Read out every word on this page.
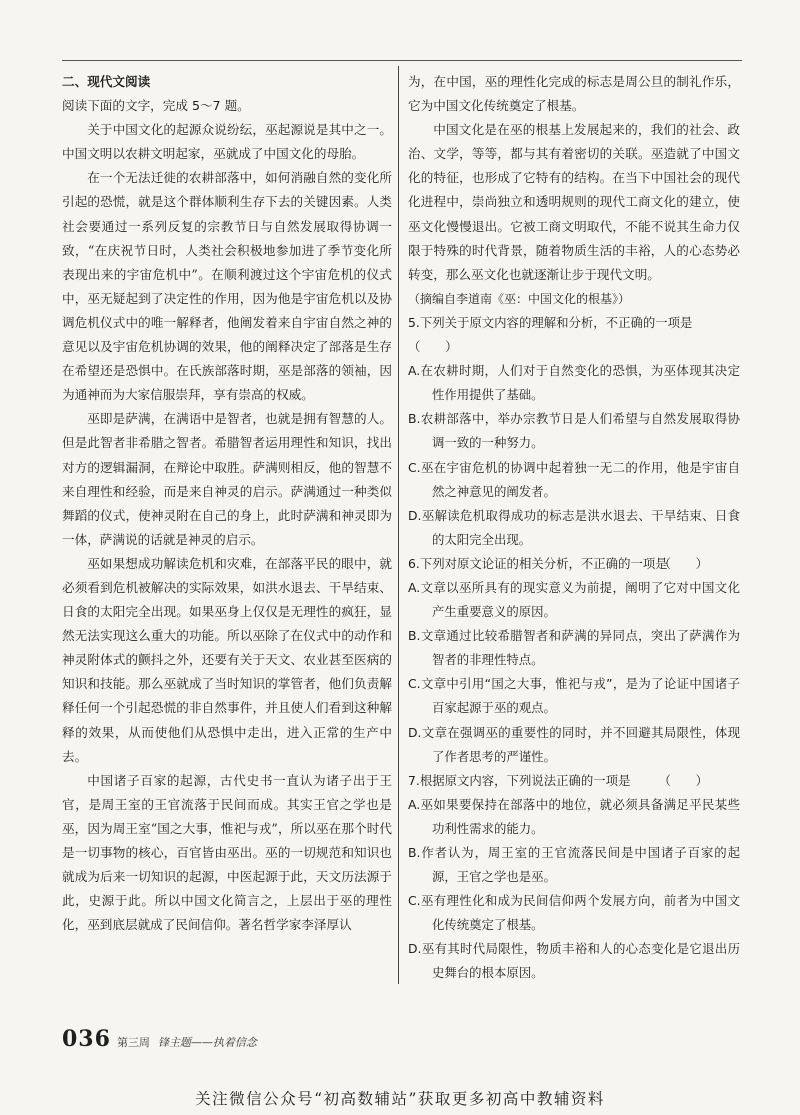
二、现代文阅读

阅读下面的文字，完成 5～7 题。

关于中国文化的起源众说纷纭，巫起源说是其中之一。中国文明以农耕文明起家，巫就成了中国文化的母胎。

在一个无法迁徙的农耕部落中，如何消融自然的变化所引起的恐慌，就是这个群体顺利生存下去的关键因素。人类社会要通过一系列反复的宗教节日与自然发展取得协调一致，“在庆祝节日时，人类社会积极地参加进了季节变化所表现出来的宇宙危机中”。在顺利渡过这个宇宙危机的仪式中，巫无疑起到了决定性的作用，因为他是宇宙危机以及协调危机仪式中的唯一解释者，他阐发着来自宇宙自然之神的意见以及宇宙危机协调的效果，他的阐释决定了部落是生存在希望还是恐惧中。在氏族部落时期，巫是部落的领袖，因为通神而为大家信服崇拜，享有崇高的权威。

巫即是萨满，在满语中是智者，也就是拥有智慧的人。但是此智者非希腊之智者。希腊智者运用理性和知识，找出对方的逻辑漏洞，在辩论中取胜。萨满则相反，他的智慧不来自理性和经验，而是来自神灵的启示。萨满通过一种类似舞蹈的仪式，使神灵附在自己的身上，此时萨满和神灵即为一体，萨满说的话就是神灵的启示。

巫如果想成功解读危机和灾难，在部落平民的眼中，就必须看到危机被解决的实际效果，如洪水退去、干旱结束、日食的太阳完全出现。如果巫身上仅仅是无理性的疯狂，显然无法实现这么重大的功能。所以巫除了在仪式中的动作和神灵附体式的颤抖之外，还要有关于天文、农业甚至医病的知识和技能。那么巫就成了当时知识的掌管者，他们负责解释任何一个引起恐慌的非自然事件，并且使人们看到这种解释的效果，从而使他们从恐惧中走出，进入正常的生产中去。

中国诸子百家的起源，古代史书一直认为诸子出于王官，是周王室的王官流落于民间而成。其实王官之学也是巫，因为周王室“国之大事，惟祀与戎”，所以巫在那个时代是一切事物的核心，百官皆由巫出。巫的一切规范和知识也就成为后来一切知识的起源，中医起源于此，天文历法源于此，史源于此。所以中国文化简言之，上层出于巫的理性化，巫到底层就成了民间信仰。著名哲学家李泽厚认

为，在中国，巫的理性化完成的标志是周公旦的制礼作乐，它为中国文化传统奠定了根基。

中国文化是在巫的根基上发展起来的，我们的社会、政治、文学，等等，都与其有着密切的关联。巫造就了中国文化的特征，也形成了它特有的结构。在当下中国社会的现代化进程中，崇尚独立和透明规则的现代工商文化的建立，使巫文化慢慢退出。它被工商文明取代，不能不说其生命力仅限于特殊的时代背景，随着物质生活的丰裕，人的心态势必转变，那么巫文化也就逐渐让步于现代文明。

（摘编自李道南《巫：中国文化的根基》）

5.下列关于原文内容的理解和分析，不正确的一项是

（　　）

A.在农耕时期，人们对于自然变化的恐惧，为巫体现其决定性作用提供了基础。

B.农耕部落中，举办宗教节日是人们希望与自然发展取得协调一致的一种努力。

C.巫在宇宙危机的协调中起着独一无二的作用，他是宇宙自然之神意见的阐发者。

D.巫解读危机取得成功的标志是洪水退去、干旱结束、日食的太阳完全出现。

6.下列对原文论证的相关分析，不正确的一项是
（　　）

A.文章以巫所具有的现实意义为前提，阐明了它对中国文化产生重要意义的原因。

B.文章通过比较希腊智者和萨满的异同点，突出了萨满作为智者的非理性特点。

C.文章中引用“国之大事，惟祀与戎”，是为了论证中国诸子百家起源于巫的观点。

D.文章在强调巫的重要性的同时，并不回避其局限性，体现了作者思考的严谨性。

7.根据原文内容，下列说法正确的一项是 （　　）

A.巫如果要保持在部落中的地位，就必须具备满足平民某些功利性需求的能力。

B.作者认为，周王室的王官流落民间是中国诸子百家的起源，王官之学也是巫。

C.巫有理性化和成为民间信仰两个发展方向，前者为中国文化传统奠定了根基。

D.巫有其时代局限性，物质丰裕和人的心态变化是它退出历史舞台的根本原因。

036 第三周 锋主题——执着信念
关注微信公众号“初高数辅站”获取更多初高中教辅资料
